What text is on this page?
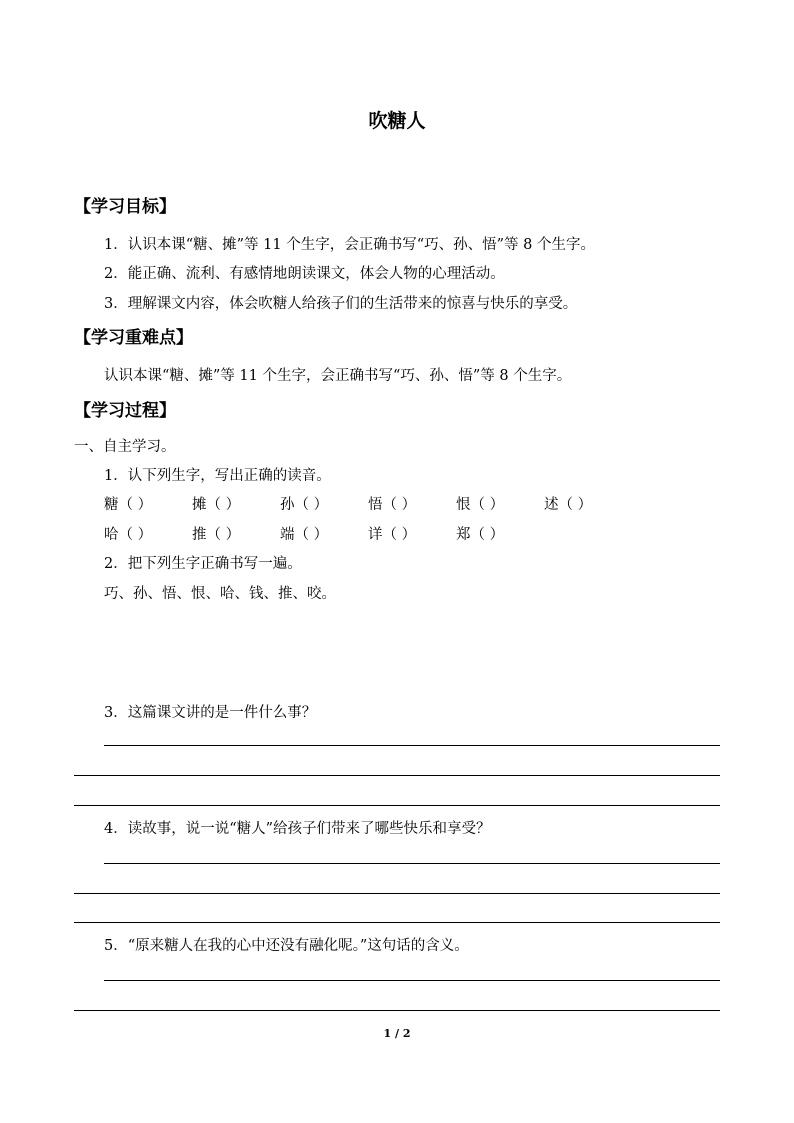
吹糖人
【学习目标】
1．认识本课“糖、摊”等 11 个生字，会正确书写“巧、孙、悟”等 8 个生字。
2．能正确、流利、有感情地朗读课文，体会人物的心理活动。
3．理解课文内容，体会吹糖人给孩子们的生活带来的惊喜与快乐的享受。
【学习重难点】
认识本课“糖、摊”等 11 个生字，会正确书写“巧、孙、悟”等 8 个生字。
【学习过程】
一、自主学习。
1．认下列生字，写出正确的读音。
糖（ ）	摊（ ）	孙（ ）	悟（ ）	恨（ ）	述（ ）
哈（ ）	推（ ）	端（ ）	详（ ）	郑（ ）
2．把下列生字正确书写一遍。
巧、孙、悟、恨、哈、钱、推、咬。
3．这篇课文讲的是一件什么事？
4．读故事，说一说“糖人”给孩子们带来了哪些快乐和享受？
5．“原来糖人在我的心中还没有融化呢。”这句话的含义。
1 / 2
